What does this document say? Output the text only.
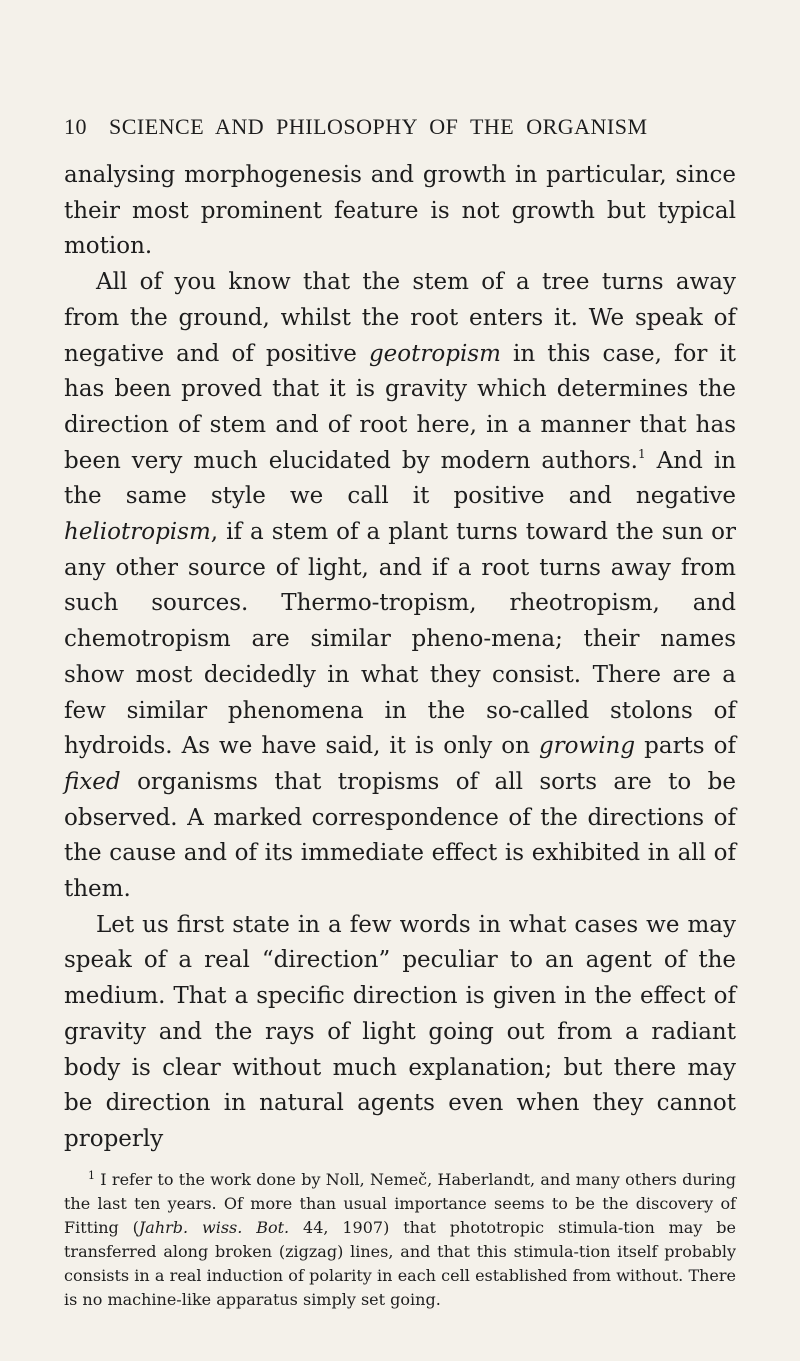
10 SCIENCE AND PHILOSOPHY OF THE ORGANISM

analysing morphogenesis and growth in particular, since their most prominent feature is not growth but typical motion.

All of you know that the stem of a tree turns away from the ground, whilst the root enters it. We speak of negative and of positive geotropism in this case, for it has been proved that it is gravity which determines the direction of stem and of root here, in a manner that has been very much elucidated by modern authors.$^1$ And in the same style we call it positive and negative heliotropism, if a stem of a plant turns toward the sun or any other source of light, and if a root turns away from such sources. Thermo-tropism, rheotropism, and chemotropism are similar pheno-mena; their names show most decidedly in what they consist. There are a few similar phenomena in the so-called stolons of hydroids. As we have said, it is only on growing parts of fixed organisms that tropisms of all sorts are to be observed. A marked correspondence of the directions of the cause and of its immediate effect is exhibited in all of them.

Let us first state in a few words in what cases we may speak of a real “direction” peculiar to an agent of the medium. That a specific direction is given in the effect of gravity and the rays of light going out from a radiant body is clear without much explanation; but there may be direction in natural agents even when they cannot properly

$^1$ I refer to the work done by Noll, Nemeč, Haberlandt, and many others during the last ten years. Of more than usual importance seems to be the discovery of Fitting (Jahrb. wiss. Bot. 44, 1907) that phototropic stimula-tion may be transferred along broken (zigzag) lines, and that this stimula-tion itself probably consists in a real induction of polarity in each cell established from without. There is no machine-like apparatus simply set going.
